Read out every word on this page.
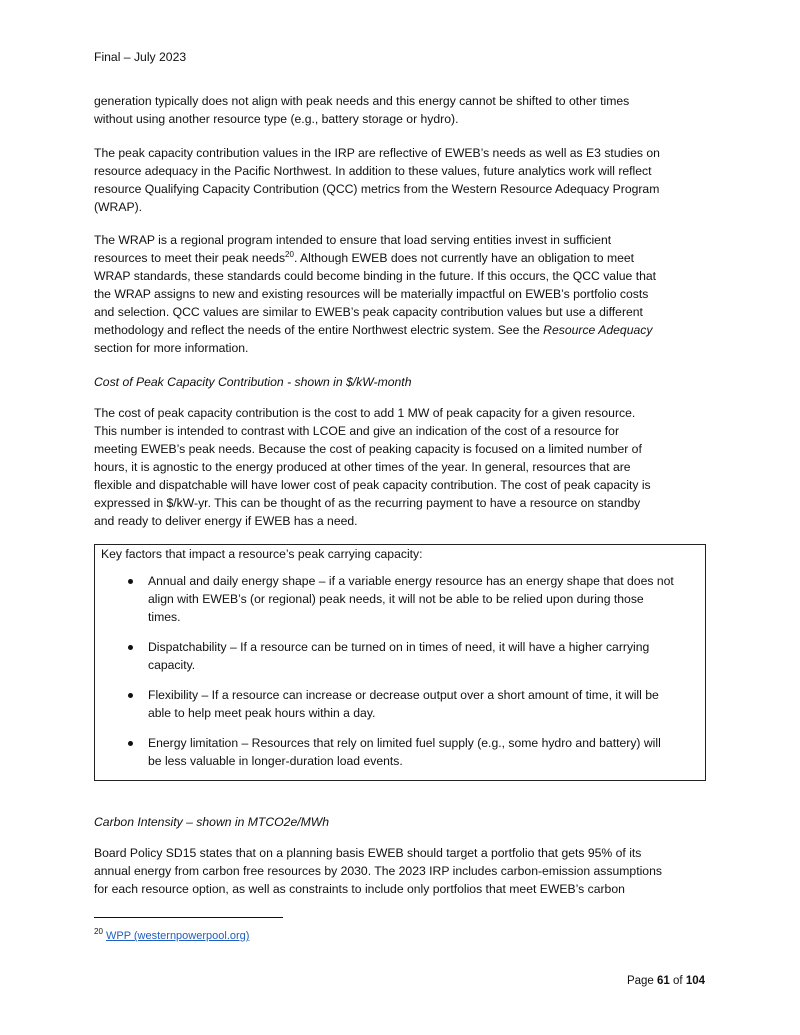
Final – July 2023
generation typically does not align with peak needs and this energy cannot be shifted to other times
without using another resource type (e.g., battery storage or hydro).
The peak capacity contribution values in the IRP are reflective of EWEB’s needs as well as E3 studies on
resource adequacy in the Pacific Northwest. In addition to these values, future analytics work will reflect
resource Qualifying Capacity Contribution (QCC) metrics from the Western Resource Adequacy Program
(WRAP).
The WRAP is a regional program intended to ensure that load serving entities invest in sufficient
resources to meet their peak needs$^{20}$. Although EWEB does not currently have an obligation to meet
WRAP standards, these standards could become binding in the future. If this occurs, the QCC value that
the WRAP assigns to new and existing resources will be materially impactful on EWEB’s portfolio costs
and selection. QCC values are similar to EWEB’s peak capacity contribution values but use a different
methodology and reflect the needs of the entire Northwest electric system. See the Resource Adequacy
section for more information.
Cost of Peak Capacity Contribution - shown in $/kW-month
The cost of peak capacity contribution is the cost to add 1 MW of peak capacity for a given resource.
This number is intended to contrast with LCOE and give an indication of the cost of a resource for
meeting EWEB’s peak needs. Because the cost of peaking capacity is focused on a limited number of
hours, it is agnostic to the energy produced at other times of the year. In general, resources that are
flexible and dispatchable will have lower cost of peak capacity contribution. The cost of peak capacity is
expressed in $/kW-yr. This can be thought of as the recurring payment to have a resource on standby
and ready to deliver energy if EWEB has a need.
Key factors that impact a resource’s peak carrying capacity:
Annual and daily energy shape – if a variable energy resource has an energy shape that does not
align with EWEB’s (or regional) peak needs, it will not be able to be relied upon during those
times.
Dispatchability – If a resource can be turned on in times of need, it will have a higher carrying
capacity.
Flexibility – If a resource can increase or decrease output over a short amount of time, it will be
able to help meet peak hours within a day.
Energy limitation – Resources that rely on limited fuel supply (e.g., some hydro and battery) will
be less valuable in longer-duration load events.
Carbon Intensity – shown in MTCO2e/MWh
Board Policy SD15 states that on a planning basis EWEB should target a portfolio that gets 95% of its
annual energy from carbon free resources by 2030. The 2023 IRP includes carbon-emission assumptions
for each resource option, as well as constraints to include only portfolios that meet EWEB’s carbon
$^{20}$ WPP (westernpowerpool.org)
Page 61 of 104
